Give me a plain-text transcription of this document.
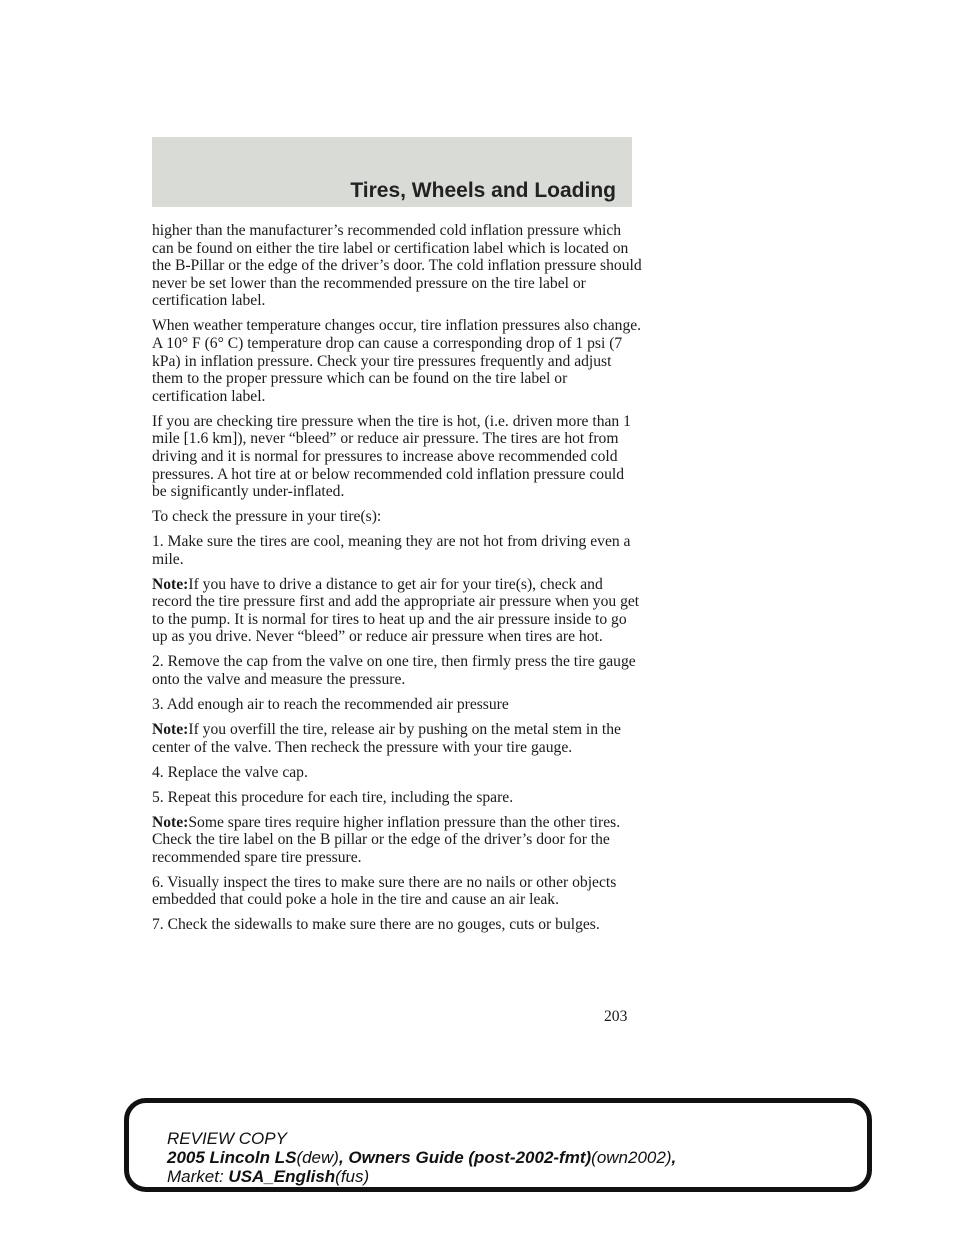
Tires, Wheels and Loading

higher than the manufacturer’s recommended cold inflation pressure which can be found on either the tire label or certification label which is located on the B-Pillar or the edge of the driver’s door. The cold inflation pressure should never be set lower than the recommended pressure on the tire label or certification label.

When weather temperature changes occur, tire inflation pressures also change. A 10° F (6° C) temperature drop can cause a corresponding drop of 1 psi (7 kPa) in inflation pressure. Check your tire pressures frequently and adjust them to the proper pressure which can be found on the tire label or certification label.

If you are checking tire pressure when the tire is hot, (i.e. driven more than 1 mile [1.6 km]), never “bleed” or reduce air pressure. The tires are hot from driving and it is normal for pressures to increase above recommended cold pressures. A hot tire at or below recommended cold inflation pressure could be significantly under-inflated.

To check the pressure in your tire(s):

1. Make sure the tires are cool, meaning they are not hot from driving even a mile.

Note:If you have to drive a distance to get air for your tire(s), check and record the tire pressure first and add the appropriate air pressure when you get to the pump. It is normal for tires to heat up and the air pressure inside to go up as you drive. Never “bleed” or reduce air pressure when tires are hot.

2. Remove the cap from the valve on one tire, then firmly press the tire gauge onto the valve and measure the pressure.

3. Add enough air to reach the recommended air pressure

Note:If you overfill the tire, release air by pushing on the metal stem in the center of the valve. Then recheck the pressure with your tire gauge.

4. Replace the valve cap.

5. Repeat this procedure for each tire, including the spare.

Note:Some spare tires require higher inflation pressure than the other tires. Check the tire label on the B pillar or the edge of the driver’s door for the recommended spare tire pressure.

6. Visually inspect the tires to make sure there are no nails or other objects embedded that could poke a hole in the tire and cause an air leak.

7. Check the sidewalls to make sure there are no gouges, cuts or bulges.

203
REVIEW COPY
2005 Lincoln LS(dew), Owners Guide (post-2002-fmt)(own2002),
Market: USA_English(fus)
